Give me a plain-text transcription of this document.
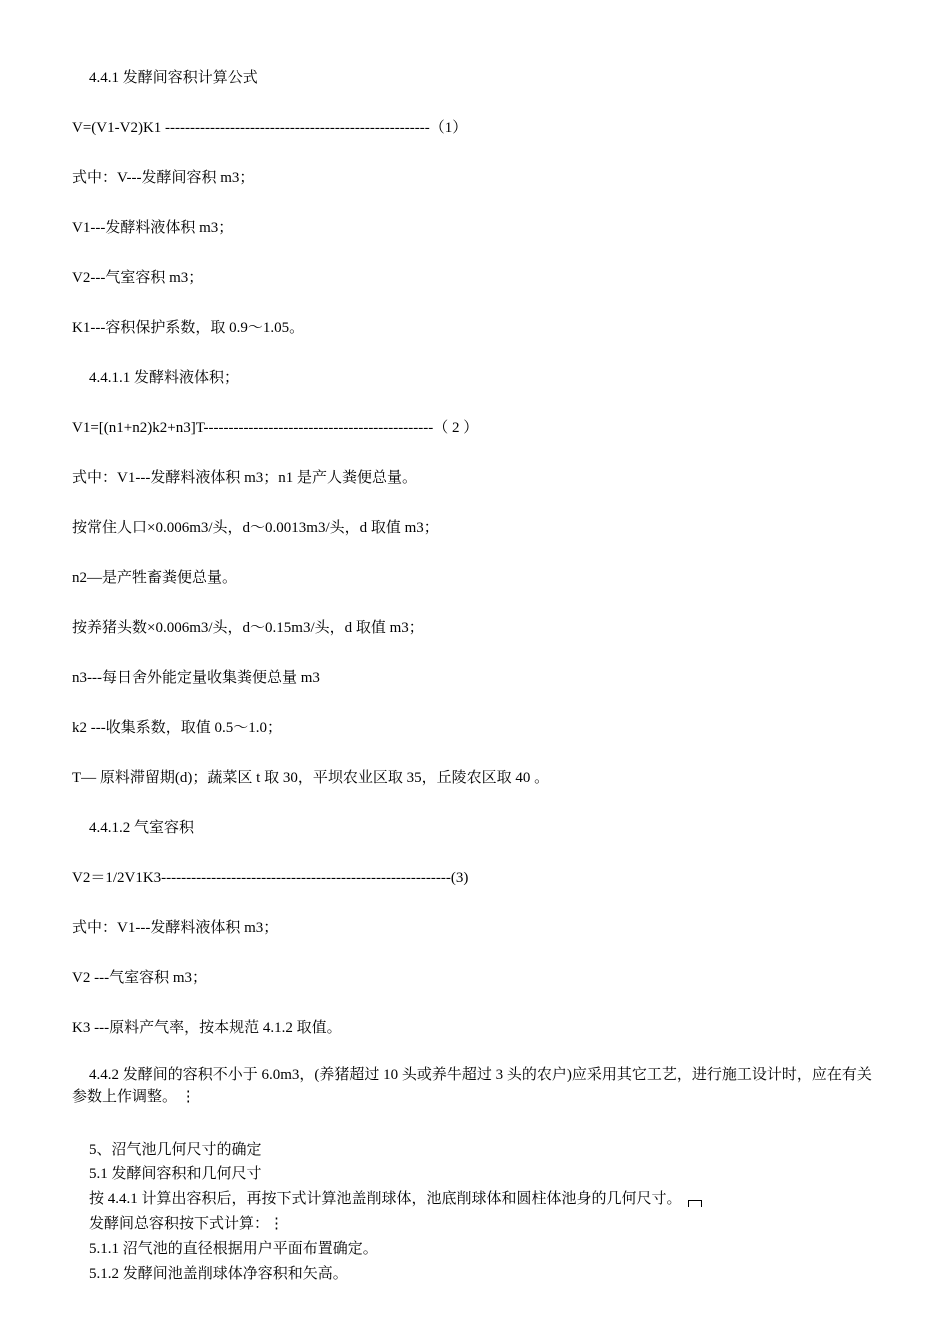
4.4.1 发酵间容积计算公式

V=(V1-V2)K1 -----------------------------------------------------（1）

式中：V---发酵间容积 m3；

V1---发酵料液体积 m3；

V2---气室容积 m3；

K1---容积保护系数，取 0.9～1.05。

4.4.1.1 发酵料液体积；

V1=[(n1+n2)k2+n3]T----------------------------------------------（ 2 ）

式中：V1---发酵料液体积 m3；n1 是产人粪便总量。

按常住人口×0.006m3/头，d～0.0013m3/头，d 取值 m3；

n2—是产牲畜粪便总量。

按养猪头数×0.006m3/头，d～0.15m3/头，d 取值 m3；

n3---每日舍外能定量收集粪便总量 m3

k2 ---收集系数，取值 0.5～1.0；

T— 原料滞留期(d)；蔬菜区 t 取 30，平坝农业区取 35，丘陵农区取 40 。

4.4.1.2 气室容积

V2＝1/2V1K3----------------------------------------------------------(3)

式中：V1---发酵料液体积 m3；

V2 ---气室容积 m3；

K3 ---原料产气率，按本规范 4.1.2 取值。

4.4.2 发酵间的容积不小于 6.0m3，(养猪超过 10 头或养牛超过 3 头的农户)应采用其它工艺，进行施工设计时，应在有关参数上作调整。 ⋮

5、沼气池几何尺寸的确定

5.1 发酵间容积和几何尺寸

按 4.4.1 计算出容积后，再按下式计算池盖削球体，池底削球体和圆柱体池身的几何尺寸。

发酵间总容积按下式计算：⋮

5.1.1 沼气池的直径根据用户平面布置确定。

5.1.2 发酵间池盖削球体净容积和矢高。
